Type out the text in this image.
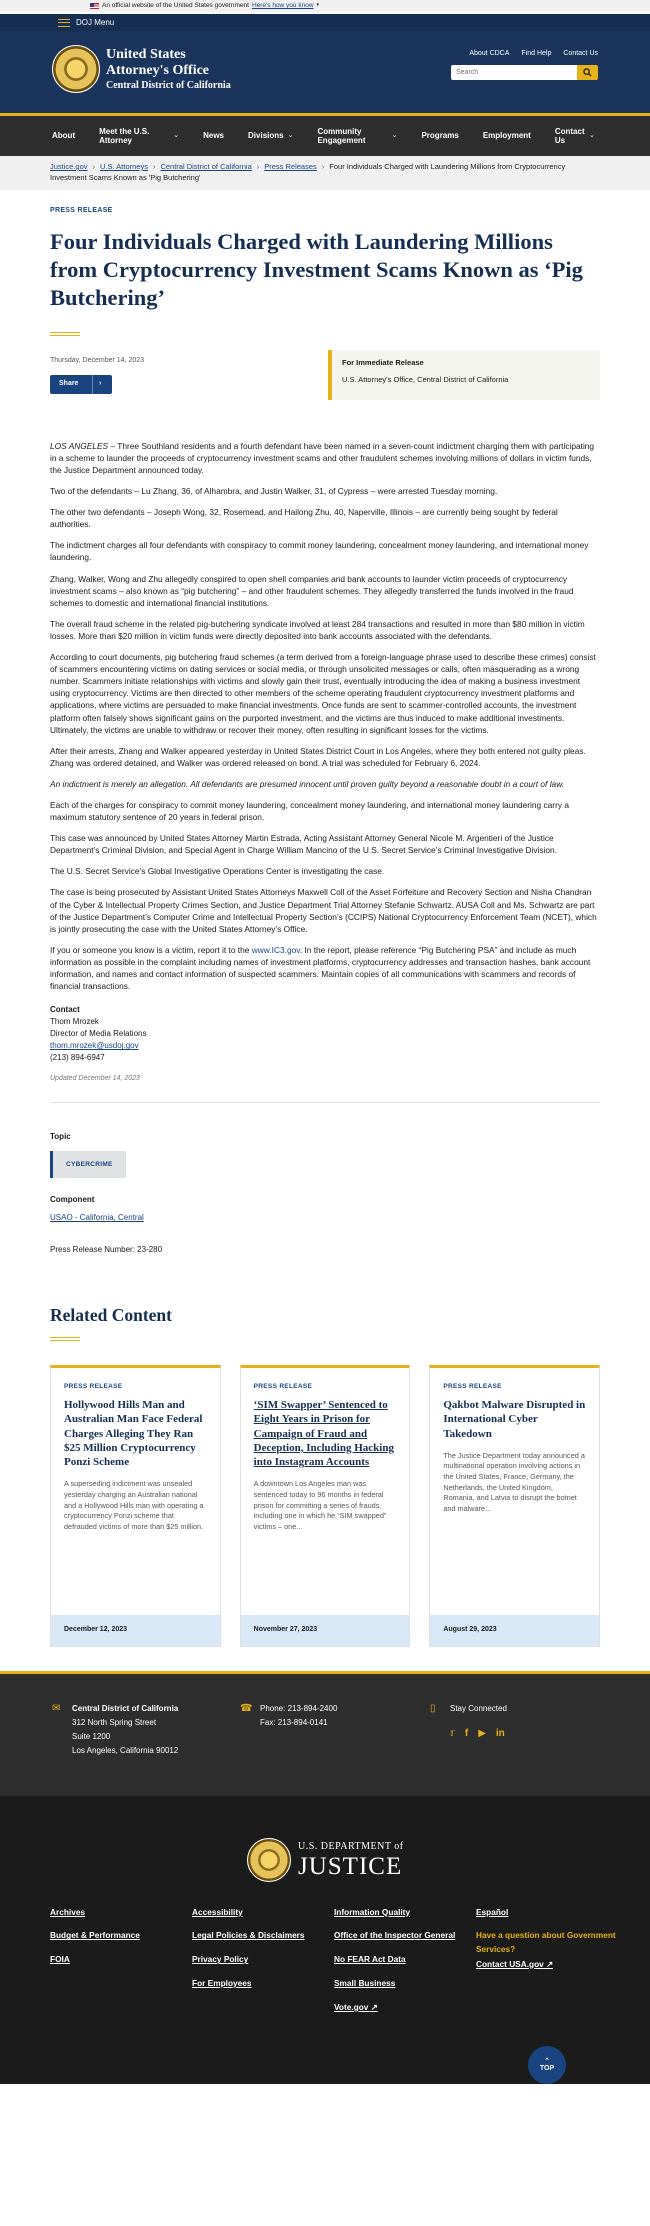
An official website of the United States government Here's how you know ▾
DOJ Menu
United States
Attorney's Office
Central District of California
About CDCA Find Help Contact Us
Search
About
Meet the U.S. Attorney
⌄	News	Divisions ⌄	Community Engagement
⌄	Programs	Employment
Contact Us
⌄
Justice.gov › U.S. Attorneys › Central District of California › Press Releases › Four Individuals Charged with Laundering Millions from Cryptocurrency Investment Scams Known as 'Pig Butchering'
PRESS RELEASE
Four Individuals Charged with Laundering Millions from Cryptocurrency Investment Scams Known as ‘Pig Butchering’
Thursday, December 14, 2023
Share	›
For Immediate Release
U.S. Attorney's Office, Central District of California

LOS ANGELES – Three Southland residents and a fourth defendant have been named in a seven-count indictment charging them with participating in a scheme to launder the proceeds of cryptocurrency investment scams and other fraudulent schemes involving millions of dollars in victim funds, the Justice Department announced today.

Two of the defendants – Lu Zhang, 36, of Alhambra, and Justin Walker, 31, of Cypress – were arrested Tuesday morning.

The other two defendants – Joseph Wong, 32, Rosemead, and Hailong Zhu, 40, Naperville, Illinois – are currently being sought by federal authorities.

The indictment charges all four defendants with conspiracy to commit money laundering, concealment money laundering, and international money laundering.

Zhang, Walker, Wong and Zhu allegedly conspired to open shell companies and bank accounts to launder victim proceeds of cryptocurrency investment scams – also known as “pig butchering” – and other fraudulent schemes. They allegedly transferred the funds involved in the fraud schemes to domestic and international financial institutions.

The overall fraud scheme in the related pig-butchering syndicate involved at least 284 transactions and resulted in more than $80 million in victim losses. More than $20 million in victim funds were directly deposited into bank accounts associated with the defendants.

According to court documents, pig butchering fraud schemes (a term derived from a foreign-language phrase used to describe these crimes) consist of scammers encountering victims on dating services or social media, or through unsolicited messages or calls, often masquerading as a wrong number. Scammers initiate relationships with victims and slowly gain their trust, eventually introducing the idea of making a business investment using cryptocurrency. Victims are then directed to other members of the scheme operating fraudulent cryptocurrency investment platforms and applications, where victims are persuaded to make financial investments. Once funds are sent to scammer-controlled accounts, the investment platform often falsely shows significant gains on the purported investment, and the victims are thus induced to make additional investments. Ultimately, the victims are unable to withdraw or recover their money, often resulting in significant losses for the victims.

After their arrests, Zhang and Walker appeared yesterday in United States District Court in Los Angeles, where they both entered not guilty pleas. Zhang was ordered detained, and Walker was ordered released on bond. A trial was scheduled for February 6, 2024.

An indictment is merely an allegation. All defendants are presumed innocent until proven guilty beyond a reasonable doubt in a court of law.

Each of the charges for conspiracy to commit money laundering, concealment money laundering, and international money laundering carry a maximum statutory sentence of 20 years in federal prison.

This case was announced by United States Attorney Martin Estrada, Acting Assistant Attorney General Nicole M. Argentieri of the Justice Department’s Criminal Division, and Special Agent in Charge William Mancino of the U.S. Secret Service’s Criminal Investigative Division.

The U.S. Secret Service’s Global Investigative Operations Center is investigating the case.

The case is being prosecuted by Assistant United States Attorneys Maxwell Coll of the Asset Forfeiture and Recovery Section and Nisha Chandran of the Cyber & Intellectual Property Crimes Section, and Justice Department Trial Attorney Stefanie Schwartz. AUSA Coll and Ms. Schwartz are part of the Justice Department’s Computer Crime and Intellectual Property Section’s (CCIPS) National Cryptocurrency Enforcement Team (NCET), which is jointly prosecuting the case with the United States Attorney’s Office.

If you or someone you know is a victim, report it to the www.IC3.gov. In the report, please reference “Pig Butchering PSA” and include as much information as possible in the complaint including names of investment platforms, cryptocurrency addresses and transaction hashes, bank account information, and names and contact information of suspected scammers. Maintain copies of all communications with scammers and records of financial transactions.

Contact
Thom Mrozek
Director of Media Relations
thom.mrozek@usdoj.gov
(213) 894-6947
Updated December 14, 2023
Topic
CYBERCRIME
Component
USAO - California, Central
Press Release Number: 23-280
Related Content
PRESS RELEASE
Hollywood Hills Man and Australian Man Face Federal Charges Alleging They Ran $25 Million Cryptocurrency Ponzi Scheme
A superseding indictment was unsealed yesterday charging an Australian national and a Hollywood Hills man with operating a cryptocurrency Ponzi scheme that defrauded victims of more than $25 million.
December 12, 2023
PRESS RELEASE
‘SIM Swapper’ Sentenced to Eight Years in Prison for Campaign of Fraud and Deception, Including Hacking into Instagram Accounts
A downtown Los Angeles man was sentenced today to 96 months in federal prison for committing a series of frauds, including one in which he “SIM swapped” victims – one...
November 27, 2023
PRESS RELEASE
Qakbot Malware Disrupted in International Cyber Takedown
The Justice Department today announced a multinational operation involving actions in the United States, France, Germany, the Netherlands, the United Kingdom, Romania, and Latvia to disrupt the botnet and malware...
August 29, 2023
✉ Central District of California
312 North Spring Street
Suite 1200
Los Angeles, California 90012
☎ Phone: 213-894-2400
Fax: 213-894-0141
▯ Stay Connected
𝕣 f ▶ in
U.S. DEPARTMENT of
JUSTICE
Archives
Budget & Performance
FOIA
Accessibility
Legal Policies & Disclaimers
Privacy Policy
For Employees
Information Quality
Office of the Inspector General
No FEAR Act Data
Small Business
Vote.gov ↗
Español
Have a question about Government Services?
Contact USA.gov ↗
⌃
TOP
